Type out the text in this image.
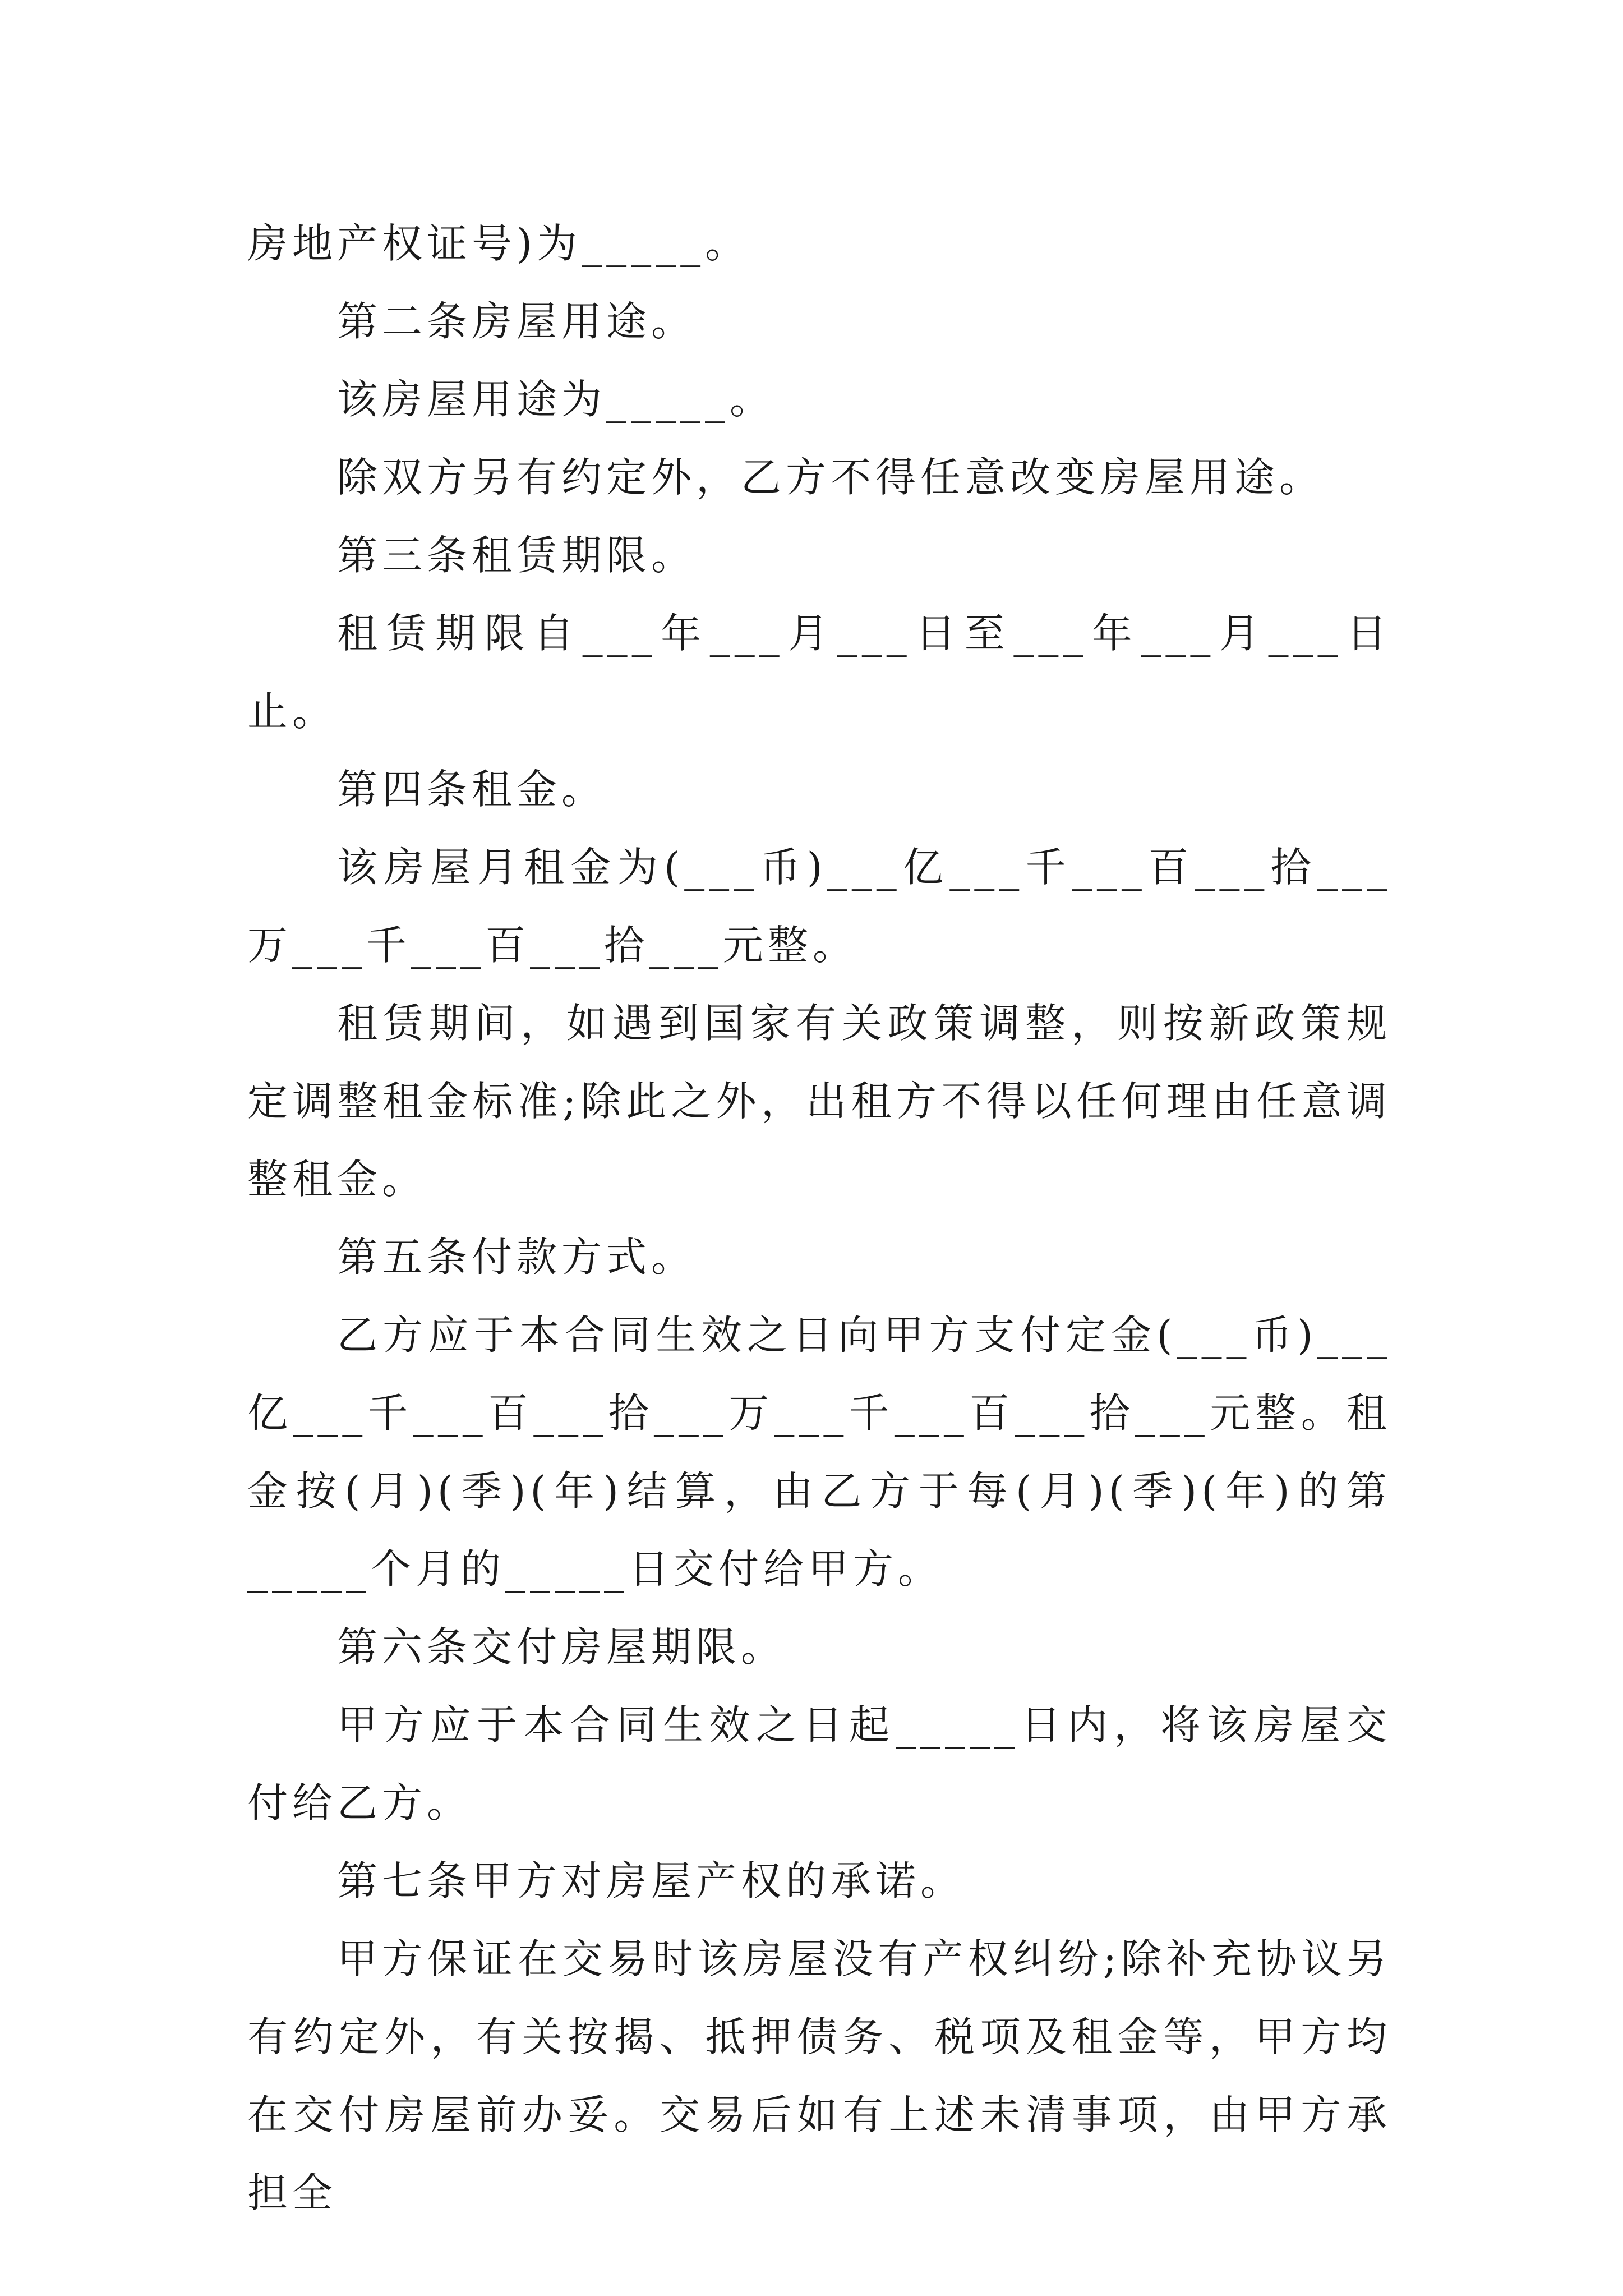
房地产权证号)为_____。

第二条房屋用途。

该房屋用途为_____。

除双方另有约定外，乙方不得任意改变房屋用途。

第三条租赁期限。

租赁期限自___年___月___日至___年___月___日止。

第四条租金。

该房屋月租金为(___币)___亿___千___百___拾___万___千___百___拾___元整。

租赁期间，如遇到国家有关政策调整，则按新政策规定调整租金标准;除此之外，出租方不得以任何理由任意调整租金。

第五条付款方式。

乙方应于本合同生效之日向甲方支付定金(___币)___亿___千___百___拾___万___千___百___拾___元整。租金按(月)(季)(年)结算，由乙方于每(月)(季)(年)的第_____个月的_____日交付给甲方。

第六条交付房屋期限。

甲方应于本合同生效之日起_____日内，将该房屋交付给乙方。

第七条甲方对房屋产权的承诺。

甲方保证在交易时该房屋没有产权纠纷;除补充协议另有约定外，有关按揭、抵押债务、税项及租金等，甲方均在交付房屋前办妥。交易后如有上述未清事项，由甲方承担全
